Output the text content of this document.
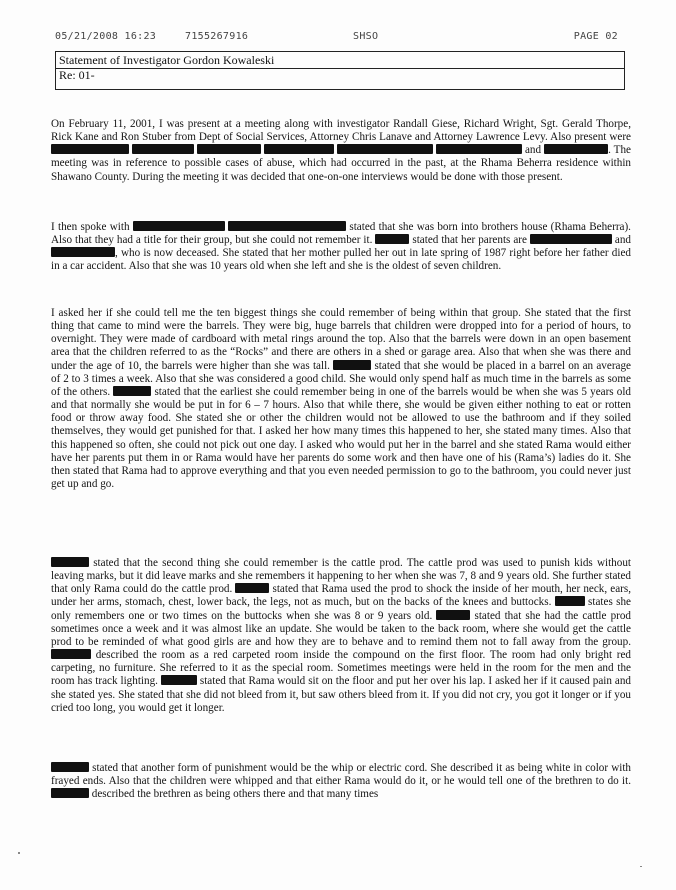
05/21/2008 16:23	7155267916	SHSO	PAGE 02
Statement of Investigator Gordon Kowaleski
Re: 01-

On February 11, 2001, I was present at a meeting along with investigator Randall Giese, Richard Wright, Sgt. Gerald Thorpe, Rick Kane and Ron Stuber from Dept of Social Services, Attorney Chris Lanave and Attorney Lawrence Levy. Also present were       and	. The meeting was in reference to possible cases of abuse, which had occurred in the past, at the Rhama Beherra residence within Shawano County. During the meeting it was decided that one-on-one interviews would be done with those present.

I then spoke with	stated that she was born into brothers house (Rhama Beherra). Also that they had a title for their group, but she could not remember it.	stated that her parents are	and , who is now deceased. She stated that her mother pulled her out in late spring of 1987 right before her father died in a car accident. Also that she was 10 years old when she left and she is the oldest of seven children.

I asked her if she could tell me the ten biggest things she could remember of being within that group. She stated that the first thing that came to mind were the barrels. They were big, huge barrels that children were dropped into for a period of hours, to overnight. They were made of cardboard with metal rings around the top. Also that the barrels were down in an open basement area that the children referred to as the “Rocks” and there are others in a shed or garage area. Also that when she was there and under the age of 10, the barrels were higher than she was tall.	stated that she would be placed in a barrel on an average of 2 to 3 times a week. Also that she was considered a good child. She would only spend half as much time in the barrels as some of the others.	stated that the earliest she could remember being in one of the barrels would be when she was 5 years old and that normally she would be put in for 6 – 7 hours. Also that while there, she would be given either nothing to eat or rotten food or throw away food. She stated she or other the children would not be allowed to use the bathroom and if they soiled themselves, they would get punished for that. I asked her how many times this happened to her, she stated many times. Also that this happened so often, she could not pick out one day. I asked who would put her in the barrel and she stated Rama would either have her parents put them in or Rama would have her parents do some work and then have one of his (Rama’s) ladies do it. She then stated that Rama had to approve everything and that you even needed permission to go to the bathroom, you could never just get up and go.

stated that the second thing she could remember is the cattle prod. The cattle prod was used to punish kids without leaving marks, but it did leave marks and she remembers it happening to her when she was 7, 8 and 9 years old. She further stated that only Rama could do the cattle prod.	stated that Rama used the prod to shock the inside of her mouth, her neck, ears, under her arms, stomach, chest, lower back, the legs, not as much, but on the backs of the knees and buttocks.	states she only remembers one or two times on the buttocks when she was 8 or 9 years old.	stated that she had the cattle prod sometimes once a week and it was almost like an update. She would be taken to the back room, where she would get the cattle prod to be reminded of what good girls are and how they are to behave and to remind them not to fall away from the group.  described the room as a red carpeted room inside the compound on the first floor. The room had only bright red carpeting, no furniture. She referred to it as the special room. Sometimes meetings were held in the room for the men and the room has track lighting.	stated that Rama would sit on the floor and put her over his lap. I asked her if it caused pain and she stated yes. She stated that she did not bleed from it, but saw others bleed from it. If you did not cry, you got it longer or if you cried too long, you would get it longer.

stated that another form of punishment would be the whip or electric cord. She described it as being white in color with frayed ends. Also that the children were whipped and that either Rama would do it, or he would tell one of the brethren to do it.  described the brethren as being others there and that many times
